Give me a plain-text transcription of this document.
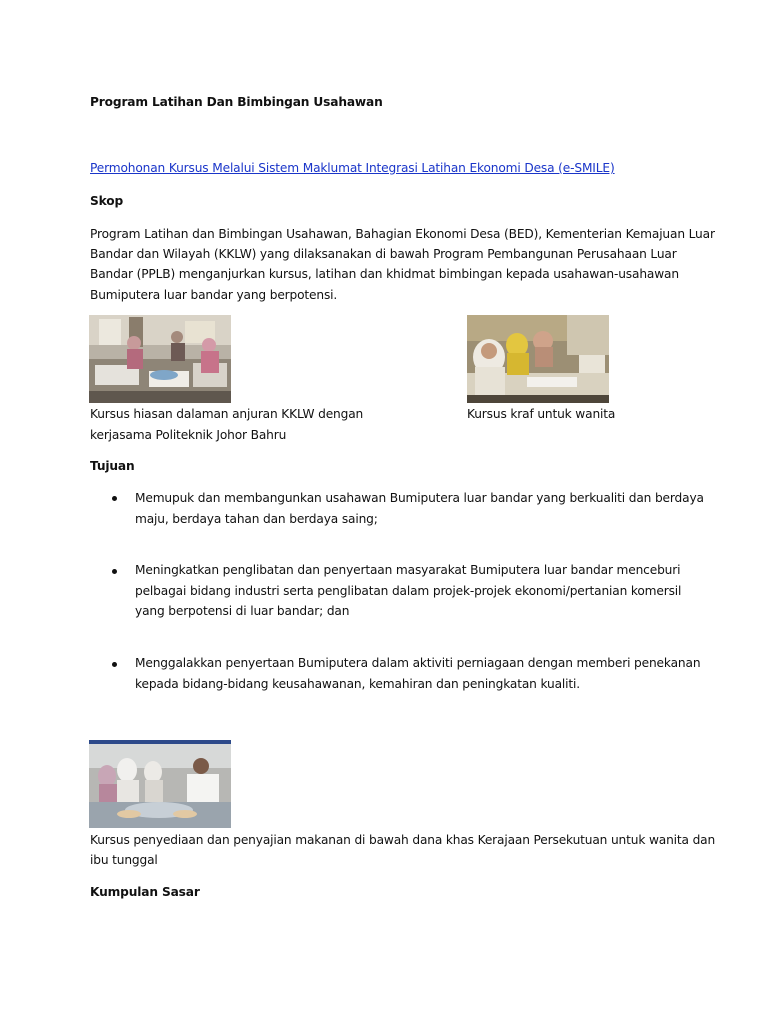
Program Latihan Dan Bimbingan Usahawan
Permohonan Kursus Melalui Sistem Maklumat Integrasi Latihan Ekonomi Desa (e-SMILE)
Skop
Program Latihan dan Bimbingan Usahawan, Bahagian Ekonomi Desa (BED), Kementerian Kemajuan Luar
Bandar dan Wilayah (KKLW) yang dilaksanakan di bawah Program Pembangunan Perusahaan Luar
Bandar (PPLB) menganjurkan kursus, latihan dan khidmat bimbingan kepada usahawan-usahawan
Bumiputera luar bandar yang berpotensi.
Kursus hiasan dalaman anjuran KKLW dengan
kerjasama Politeknik Johor Bahru
Kursus kraf untuk wanita
Tujuan
Memupuk dan membangunkan usahawan Bumiputera luar bandar yang berkualiti dan berdaya
maju, berdaya tahan dan berdaya saing;
Meningkatkan penglibatan dan penyertaan masyarakat Bumiputera luar bandar menceburi
pelbagai bidang industri serta penglibatan dalam projek-projek ekonomi/pertanian komersil
yang berpotensi di luar bandar; dan
Menggalakkan penyertaan Bumiputera dalam aktiviti perniagaan dengan memberi penekanan
kepada bidang-bidang keusahawanan, kemahiran dan peningkatan kualiti.
Kursus penyediaan dan penyajian makanan di bawah dana khas Kerajaan Persekutuan untuk wanita dan
ibu tunggal
Kumpulan Sasar
